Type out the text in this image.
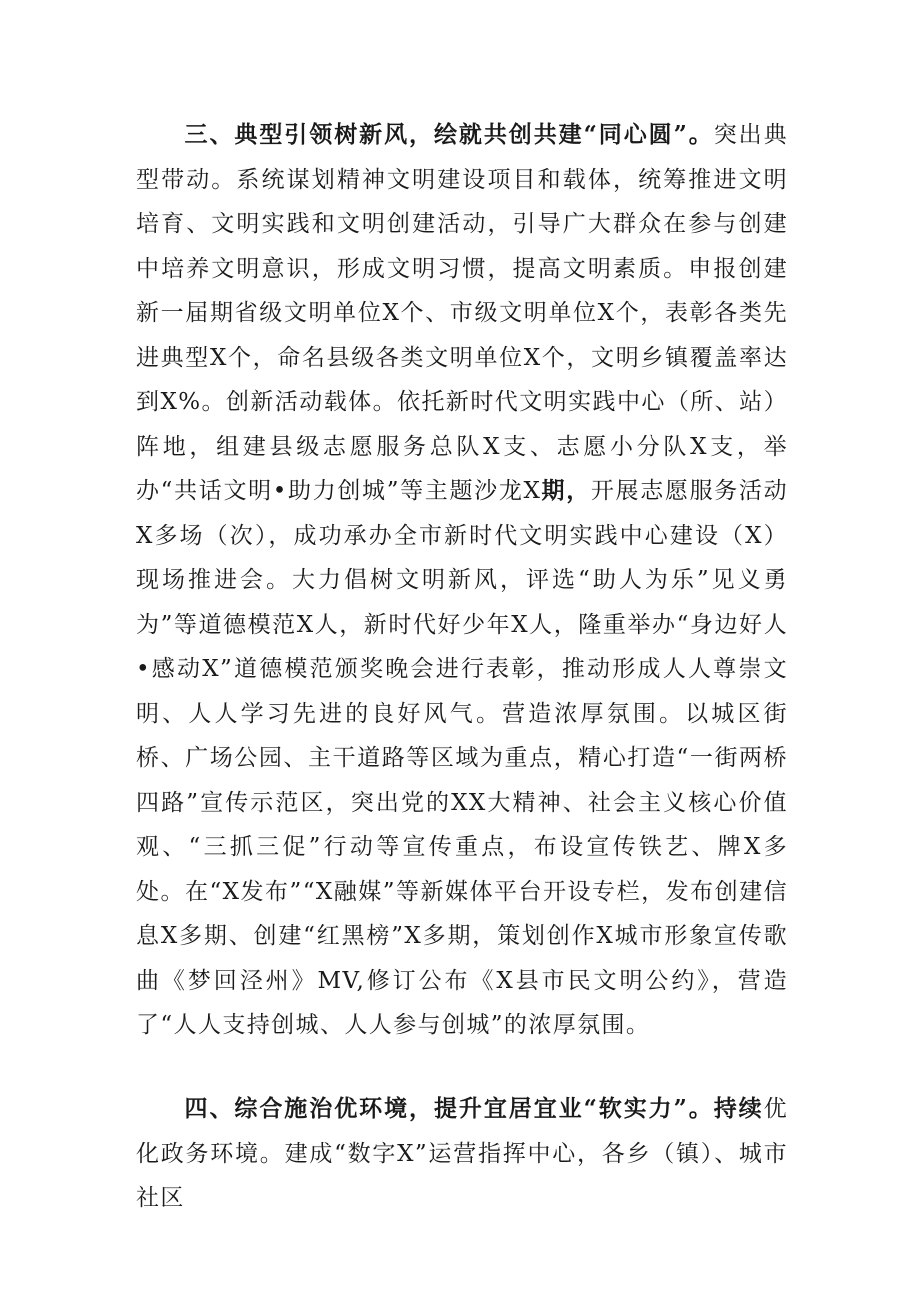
三、典型引领树新风，绘就共创共建“同心圆”。突出典型带动。系统谋划精神文明建设项目和载体，统筹推进文明培育、文明实践和文明创建活动，引导广大群众在参与创建中培养文明意识，形成文明习惯，提高文明素质。申报创建新一届期省级文明单位X个、市级文明单位X个，表彰各类先进典型X个，命名县级各类文明单位X个，文明乡镇覆盖率达到X%。创新活动载体。依托新时代文明实践中心（所、站）阵地，组建县级志愿服务总队X支、志愿小分队X支，举办“共话文明•助力创城”等主题沙龙X期，开展志愿服务活动X多场（次），成功承办全市新时代文明实践中心建设（X）现场推进会。大力倡树文明新风，评选“助人为乐”见义勇为”等道德模范X人，新时代好少年X人，隆重举办“身边好人•感动X”道德模范颁奖晚会进行表彰，推动形成人人尊崇文明、人人学习先进的良好风气。营造浓厚氛围。以城区街桥、广场公园、主干道路等区域为重点，精心打造“一街两桥四路”宣传示范区，突出党的XX大精神、社会主义核心价值观、“三抓三促”行动等宣传重点，布设宣传铁艺、牌X多处。在“X发布”“X融媒”等新媒体平台开设专栏，发布创建信息X多期、创建“红黑榜”X多期，策划创作X城市形象宣传歌曲《梦回泾州》MV,修订公布《X县市民文明公约》，营造了“人人支持创城、人人参与创城”的浓厚氛围。

四、综合施治优环境，提升宜居宜业“软实力”。持续优化政务环境。建成“数字X”运营指挥中心，各乡（镇）、城市社区
